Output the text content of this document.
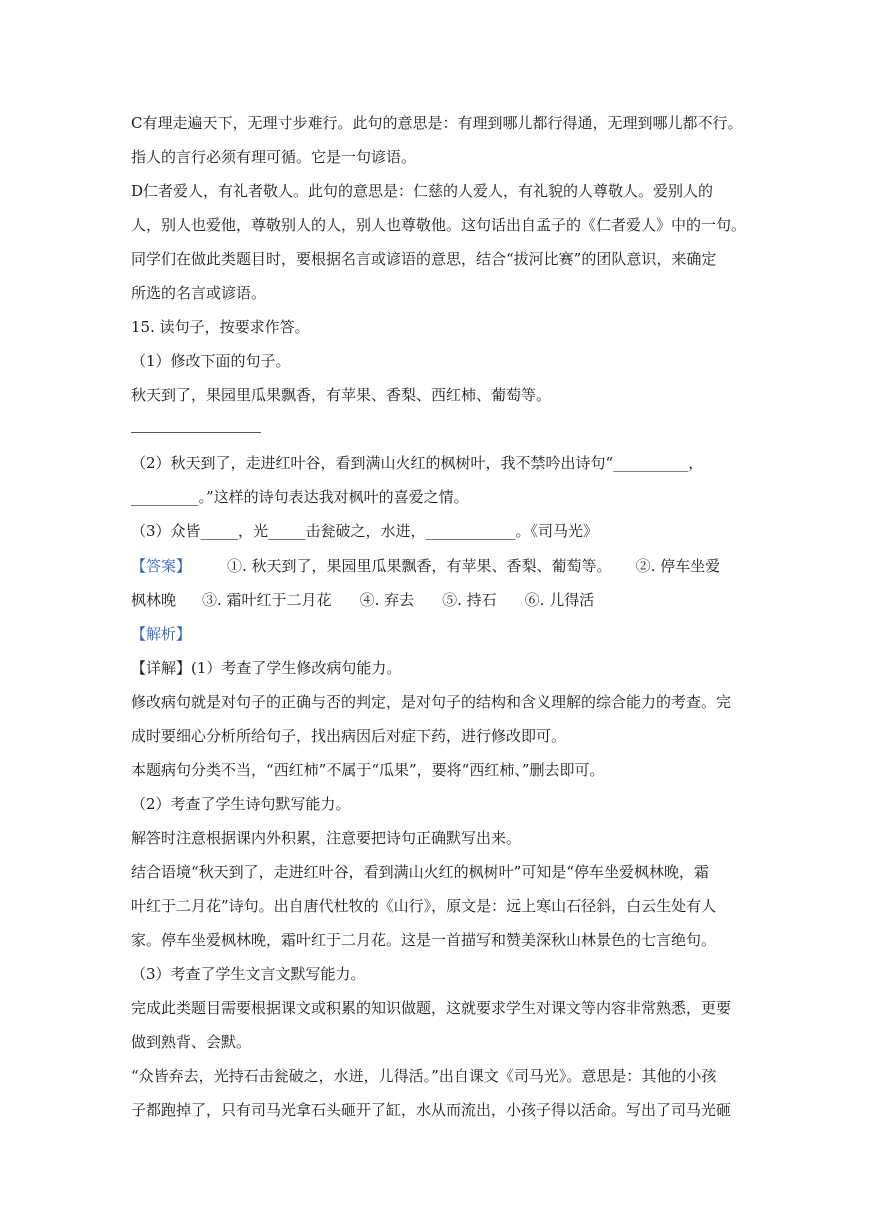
C有理走遍天下，无理寸步难行。此句的意思是：有理到哪儿都行得通，无理到哪儿都不行。
指人的言行必须有理可循。它是一句谚语。
D仁者爱人，有礼者敬人。此句的意思是：仁慈的人爱人，有礼貌的人尊敬人。爱别人的
人，别人也爱他，尊敬别人的人，别人也尊敬他。这句话出自孟子的《仁者爱人》中的一句。
同学们在做此类题目时，要根据名言或谚语的意思，结合“拔河比赛”的团队意识，来确定
所选的名言或谚语。
15. 读句子，按要求作答。
（1）修改下面的句子。
秋天到了，果园里瓜果飘香，有苹果、香梨、西红柿、葡萄等。
（2）秋天到了，走进红叶谷，看到满山火红的枫树叶，我不禁吟出诗句“__________，
_________。”这样的诗句表达我对枫叶的喜爱之情。
（3）众皆_____，光_____击瓮破之，水进，____________。《司马光》
【答案】 ①. 秋天到了，果园里瓜果飘香，有苹果、香梨、葡萄等。 ②. 停车坐爱
枫林晚 ③. 霜叶红于二月花 ④. 弃去 ⑤. 持石 ⑥. 儿得活
【解析】
【详解】(1）考查了学生修改病句能力。
修改病句就是对句子的正确与否的判定，是对句子的结构和含义理解的综合能力的考查。完
成时要细心分析所给句子，找出病因后对症下药，进行修改即可。
本题病句分类不当，“西红柿”不属于“瓜果”，要将“西红柿、”删去即可。
（2）考查了学生诗句默写能力。
解答时注意根据课内外积累，注意要把诗句正确默写出来。
结合语境“秋天到了，走进红叶谷，看到满山火红的枫树叶”可知是“停车坐爱枫林晚，霜
叶红于二月花”诗句。出自唐代杜牧的《山行》，原文是：远上寒山石径斜，白云生处有人
家。停车坐爱枫林晚，霜叶红于二月花。这是一首描写和赞美深秋山林景色的七言绝句。
（3）考查了学生文言文默写能力。
完成此类题目需要根据课文或积累的知识做题，这就要求学生对课文等内容非常熟悉，更要
做到熟背、会默。
“众皆弃去，光持石击瓮破之，水迸，儿得活。”出自课文《司马光》。意思是：其他的小孩
子都跑掉了，只有司马光拿石头砸开了缸，水从而流出，小孩子得以活命。写出了司马光砸
